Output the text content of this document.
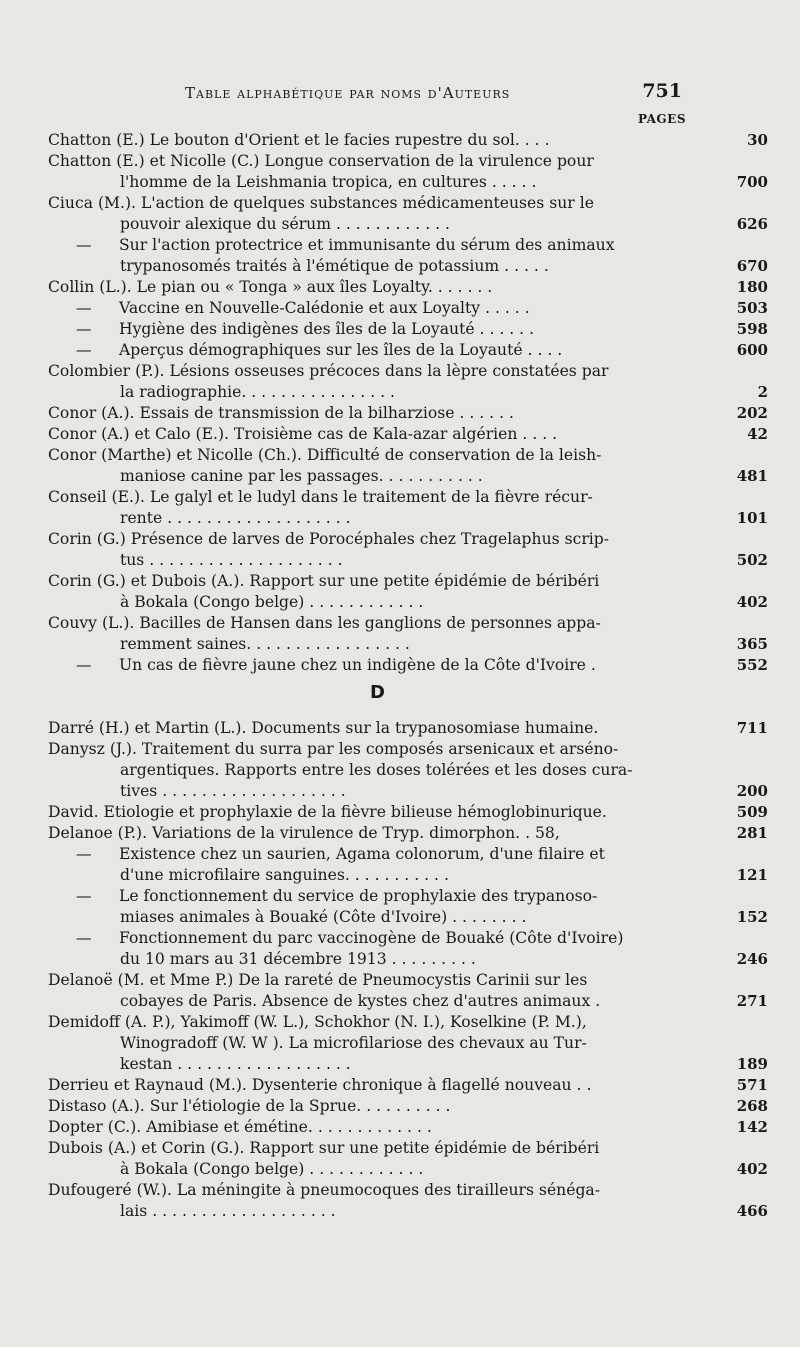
Table alphabétique par noms d'Auteurs	751
PAGES
Chatton (E.) Le bouton d'Orient et le facies rupestre du sol. . . .	30
Chatton (E.) et Nicolle (C.) Longue conservation de la virulence pour
l'homme de la Leishmania tropica, en cultures . . . . .	700
Ciuca (M.). L'action de quelques substances médicamenteuses sur le
pouvoir alexique du sérum . . . . . . . . . . . .	626
— Sur l'action protectrice et immunisante du sérum des animaux
trypanosomés traités à l'émétique de potassium . . . . .	670
Collin (L.). Le pian ou « Tonga » aux îles Loyalty. . . . . . .	180
— Vaccine en Nouvelle-Calédonie et aux Loyalty . . . . .	503
— Hygiène des indigènes des îles de la Loyauté . . . . . .	598
— Aperçus démographiques sur les îles de la Loyauté . . . .	600
Colombier (P.). Lésions osseuses précoces dans la lèpre constatées par
la radiographie. . . . . . . . . . . . . . . .	2
Conor (A.). Essais de transmission de la bilharziose . . . . . .	202
Conor (A.) et Calo (E.). Troisième cas de Kala-azar algérien . . . .	42
Conor (Marthe) et Nicolle (Ch.). Difficulté de conservation de la leish-
maniose canine par les passages. . . . . . . . . . .	481
Conseil (E.). Le galyl et le ludyl dans le traitement de la fièvre récur-
rente . . . . . . . . . . . . . . . . . . .	101
Corin (G.) Présence de larves de Porocéphales chez Tragelaphus scrip-
tus . . . . . . . . . . . . . . . . . . . .	502
Corin (G.) et Dubois (A.). Rapport sur une petite épidémie de béribéri
à Bokala (Congo belge) . . . . . . . . . . . .	402
Couvy (L.). Bacilles de Hansen dans les ganglions de personnes appa-
remment saines. . . . . . . . . . . . . . . . .	365
— Un cas de fièvre jaune chez un indigène de la Côte d'Ivoire .	552
D
Darré (H.) et Martin (L.). Documents sur la trypanosomiase humaine.	711
Danysz (J.). Traitement du surra par les composés arsenicaux et arséno-
argentiques. Rapports entre les doses tolérées et les doses cura-
tives . . . . . . . . . . . . . . . . . . .	200
David. Etiologie et prophylaxie de la fièvre bilieuse hémoglobinurique.	509
Delanoe (P.). Variations de la virulence de Tryp. dimorphon. . 58,	281
— Existence chez un saurien, Agama colonorum, d'une filaire et
d'une microfilaire sanguines. . . . . . . . . . .	121
— Le fonctionnement du service de prophylaxie des trypanoso-
miases animales à Bouaké (Côte d'Ivoire) . . . . . . . .	152
— Fonctionnement du parc vaccinogène de Bouaké (Côte d'Ivoire)
du 10 mars au 31 décembre 1913 . . . . . . . . .	246
Delanoë (M. et Mme P.) De la rareté de Pneumocystis Carinii sur les
cobayes de Paris. Absence de kystes chez d'autres animaux .	271
Demidoff (A. P.), Yakimoff (W. L.), Schokhor (N. I.), Koselkine (P. M.),
Winogradoff (W. W ). La microfilariose des chevaux au Tur-
kestan . . . . . . . . . . . . . . . . . .	189
Derrieu et Raynaud (M.). Dysenterie chronique à flagellé nouveau . .	571
Distaso (A.). Sur l'étiologie de la Sprue. . . . . . . . . .	268
Dopter (C.). Amibiase et émétine. . . . . . . . . . . . .	142
Dubois (A.) et Corin (G.). Rapport sur une petite épidémie de béribéri
à Bokala (Congo belge) . . . . . . . . . . . .	402
Dufougeré (W.). La méningite à pneumocoques des tirailleurs sénéga-
lais . . . . . . . . . . . . . . . . . . .	466
